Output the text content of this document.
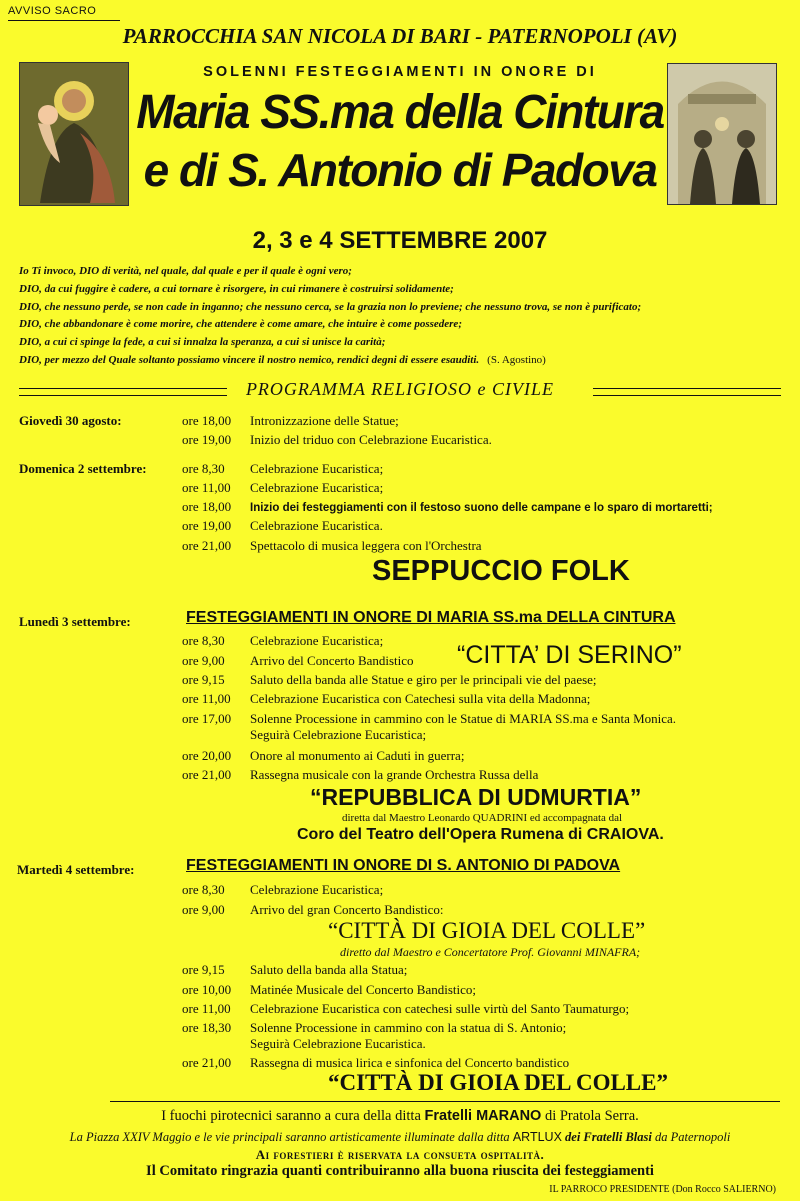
AVVISO SACRO
PARROCCHIA SAN NICOLA DI BARI - PATERNOPOLI (AV)
SOLENNI FESTEGGIAMENTI IN ONORE DI
Maria SS.ma della Cintura
e di S. Antonio di Padova
2, 3 e 4 SETTEMBRE 2007
Io Ti invoco, DIO di verità, nel quale, dal quale e per il quale è ogni vero;
DIO, da cui fuggire è cadere, a cui tornare è risorgere, in cui rimanere è costruirsi solidamente;
DIO, che nessuno perde, se non cade in inganno; che nessuno cerca, se la grazia non lo previene; che nessuno trova, se non è purificato;
DIO, che abbandonare è come morire, che attendere è come amare, che intuire è come possedere;
DIO, a cui ci spinge la fede, a cui si innalza la speranza, a cui si unisce la carità;
DIO, per mezzo del Quale soltanto possiamo vincere il nostro nemico, rendici degni di essere esauditi. (S. Agostino)
PROGRAMMA RELIGIOSO e CIVILE
Giovedì 30 agosto:	ore 18,00 Intronizzazione delle Statue;
ore 19,00 Inizio del triduo con Celebrazione Eucaristica.
Domenica 2 settembre:	ore 8,30 Celebrazione Eucaristica;
ore 11,00 Celebrazione Eucaristica;
ore 18,00 Inizio dei festeggiamenti con il festoso suono delle campane e lo sparo di mortaretti;
ore 19,00 Celebrazione Eucaristica.
ore 21,00 Spettacolo di musica leggera con l'Orchestra
SEPPUCCIO FOLK
Lunedì 3 settembre:	FESTEGGIAMENTI IN ONORE DI MARIA SS.ma DELLA CINTURA
ore 8,30 Celebrazione Eucaristica;
ore 9,00 Arrivo del Concerto Bandistico “CITTA’ DI SERINO”
ore 9,15 Saluto della banda alle Statue e giro per le principali vie del paese;
ore 11,00 Celebrazione Eucaristica con Catechesi sulla vita della Madonna;
ore 17,00 Solenne Processione in cammino con le Statue di MARIA SS.ma e Santa Monica.
Seguirà Celebrazione Eucaristica;
ore 20,00 Onore al monumento ai Caduti in guerra;
ore 21,00 Rassegna musicale con la grande Orchestra Russa della
“REPUBBLICA DI UDMURTIA”
diretta dal Maestro Leonardo QUADRINI ed accompagnata dal
Coro del Teatro dell'Opera Rumena di CRAIOVA.
Martedì 4 settembre:	FESTEGGIAMENTI IN ONORE DI S. ANTONIO DI PADOVA
ore 8,30 Celebrazione Eucaristica;
ore 9,00 Arrivo del gran Concerto Bandistico:
“CITTÀ DI GIOIA DEL COLLE”
diretto dal Maestro e Concertatore Prof. Giovanni MINAFRA;
ore 9,15 Saluto della banda alla Statua;
ore 10,00 Matinée Musicale del Concerto Bandistico;
ore 11,00 Celebrazione Eucaristica con catechesi sulle virtù del Santo Taumaturgo;
ore 18,30 Solenne Processione in cammino con la statua di S. Antonio;
Seguirà Celebrazione Eucaristica.
ore 21,00 Rassegna di musica lirica e sinfonica del Concerto bandistico
“CITTÀ DI GIOIA DEL COLLE”
I fuochi pirotecnici saranno a cura della ditta Fratelli MARANO di Pratola Serra.
La Piazza XXIV Maggio e le vie principali saranno artisticamente illuminate dalla ditta ARTLUX dei Fratelli Blasi da Paternopoli
Ai forestieri è riservata la consueta ospitalità.
Il Comitato ringrazia quanti contribuiranno alla buona riuscita dei festeggiamenti
IL PARROCO PRESIDENTE (Don Rocco SALIERNO)
